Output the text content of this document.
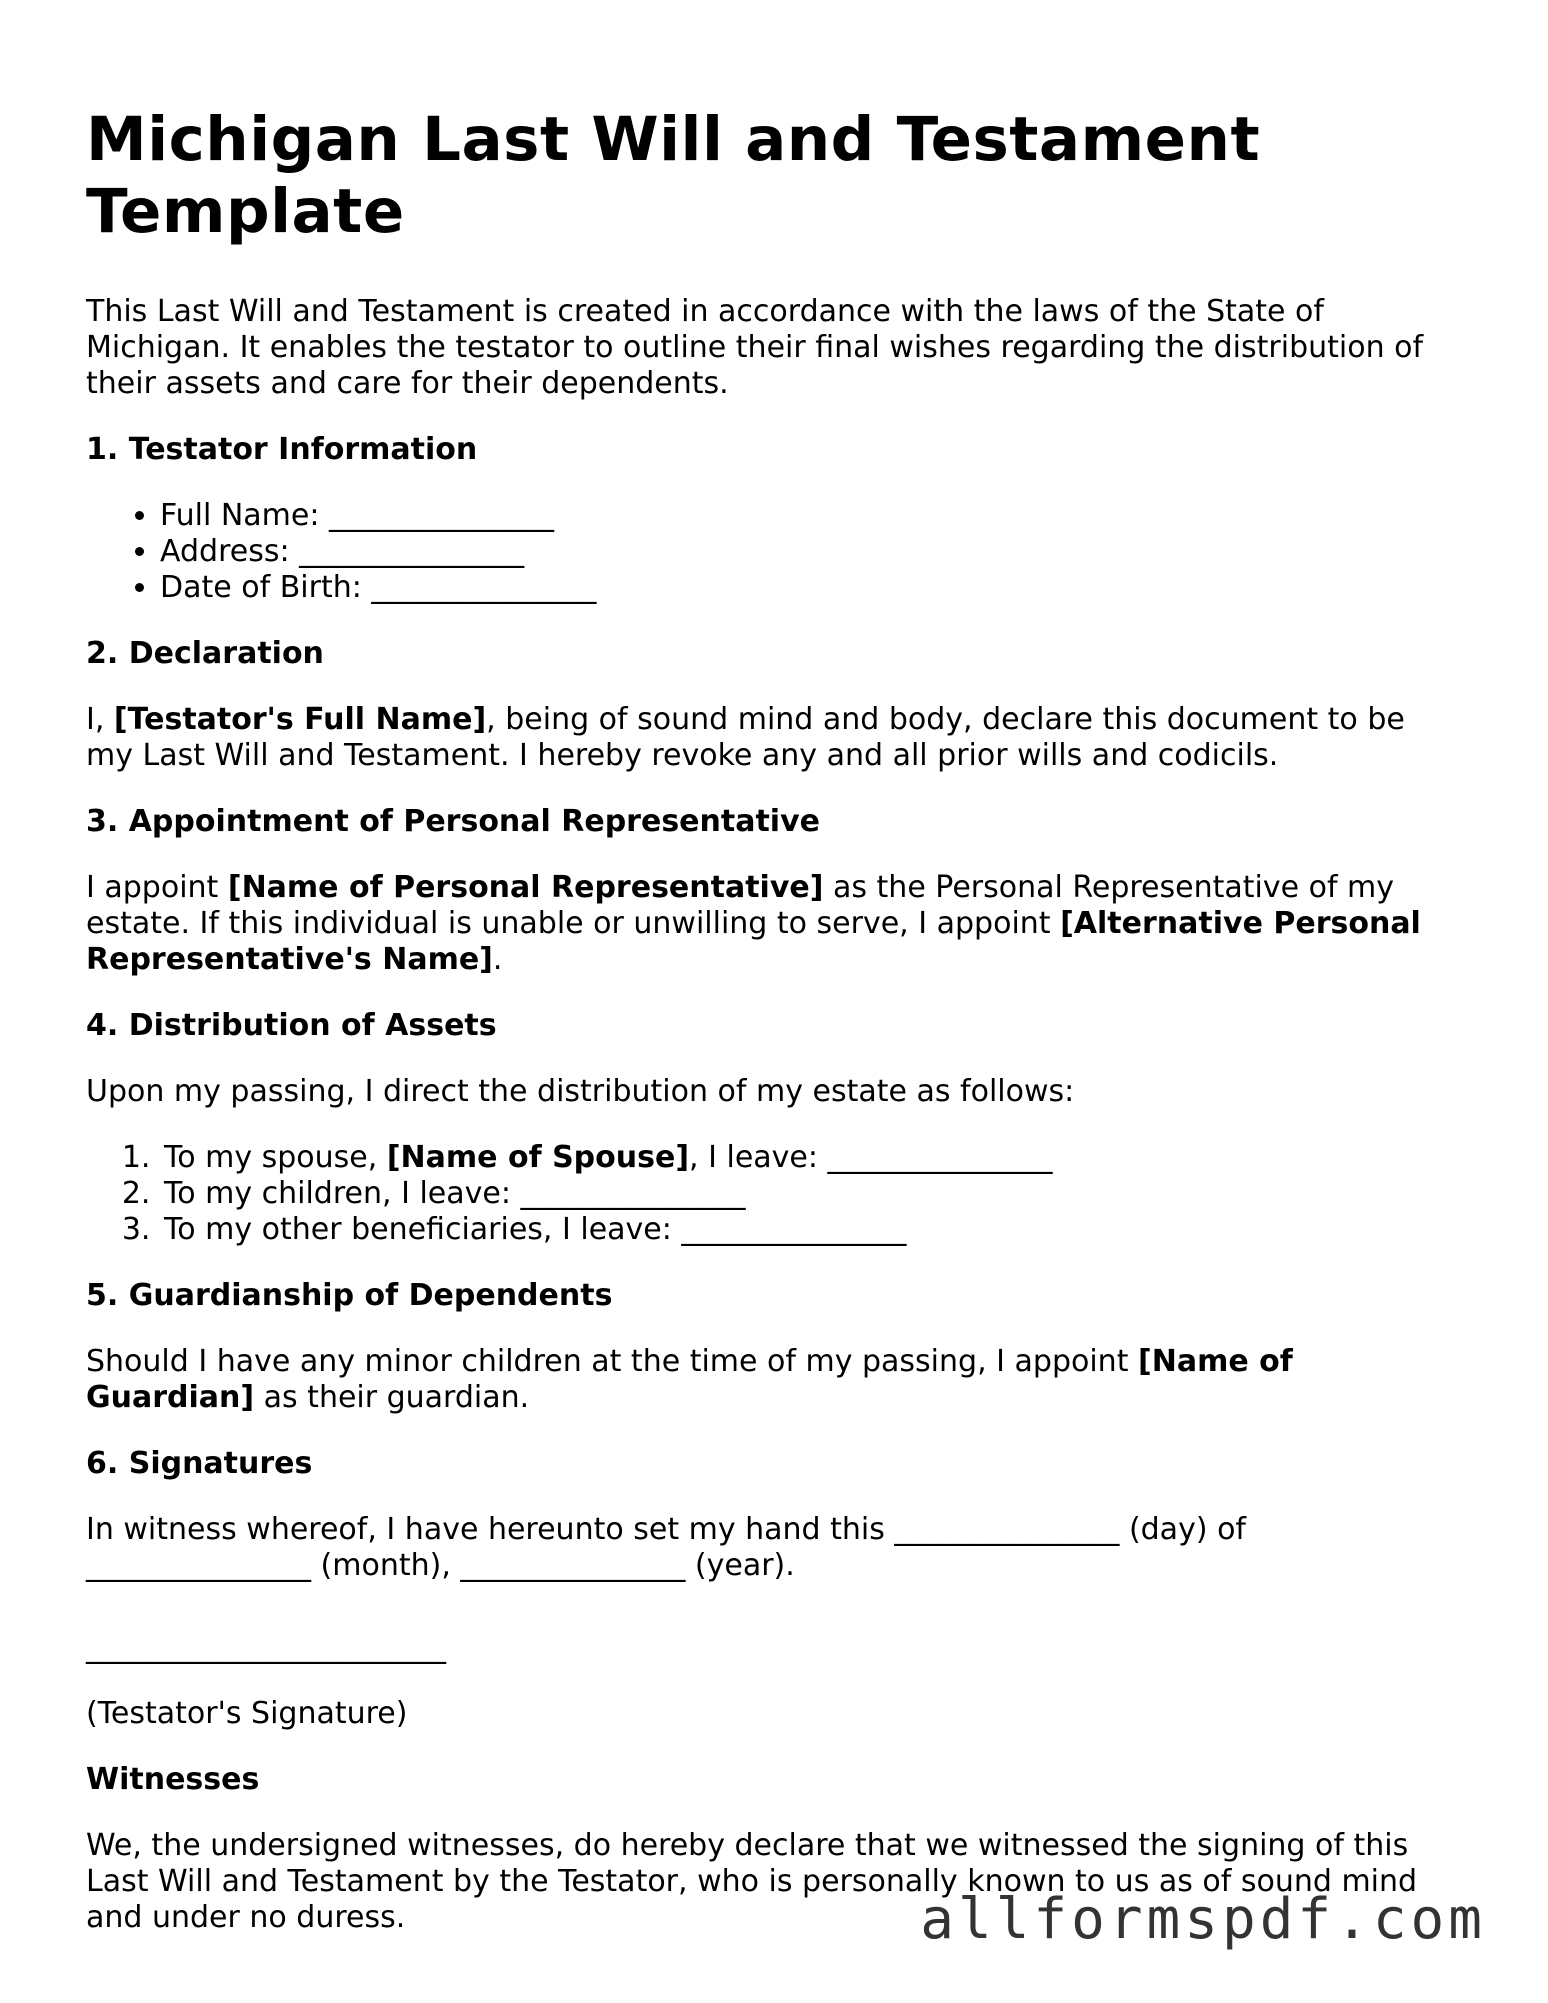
Michigan Last Will and Testament Template

This Last Will and Testament is created in accordance with the laws of the State of Michigan. It enables the testator to outline their final wishes regarding the distribution of their assets and care for their dependents.

1. Testator Information
• Full Name: _______________
• Address: _______________
• Date of Birth: _______________
2. Declaration

I, [Testator's Full Name], being of sound mind and body, declare this document to be my Last Will and Testament. I hereby revoke any and all prior wills and codicils.

3. Appointment of Personal Representative

I appoint [Name of Personal Representative] as the Personal Representative of my estate. If this individual is unable or unwilling to serve, I appoint [Alternative Personal Representative's Name].

4. Distribution of Assets

Upon my passing, I direct the distribution of my estate as follows:

1. To my spouse, [Name of Spouse], I leave: _______________
2. To my children, I leave: _______________
3. To my other beneficiaries, I leave: _______________
5. Guardianship of Dependents

Should I have any minor children at the time of my passing, I appoint [Name of Guardian] as their guardian.

6. Signatures

In witness whereof, I have hereunto set my hand this _______________ (day) of _______________ (month), _______________ (year).

________________________

(Testator's Signature)

Witnesses

We, the undersigned witnesses, do hereby declare that we witnessed the signing of this Last Will and Testament by the Testator, who is personally known to us as of sound mind and under no duress.	allformspdf.com
